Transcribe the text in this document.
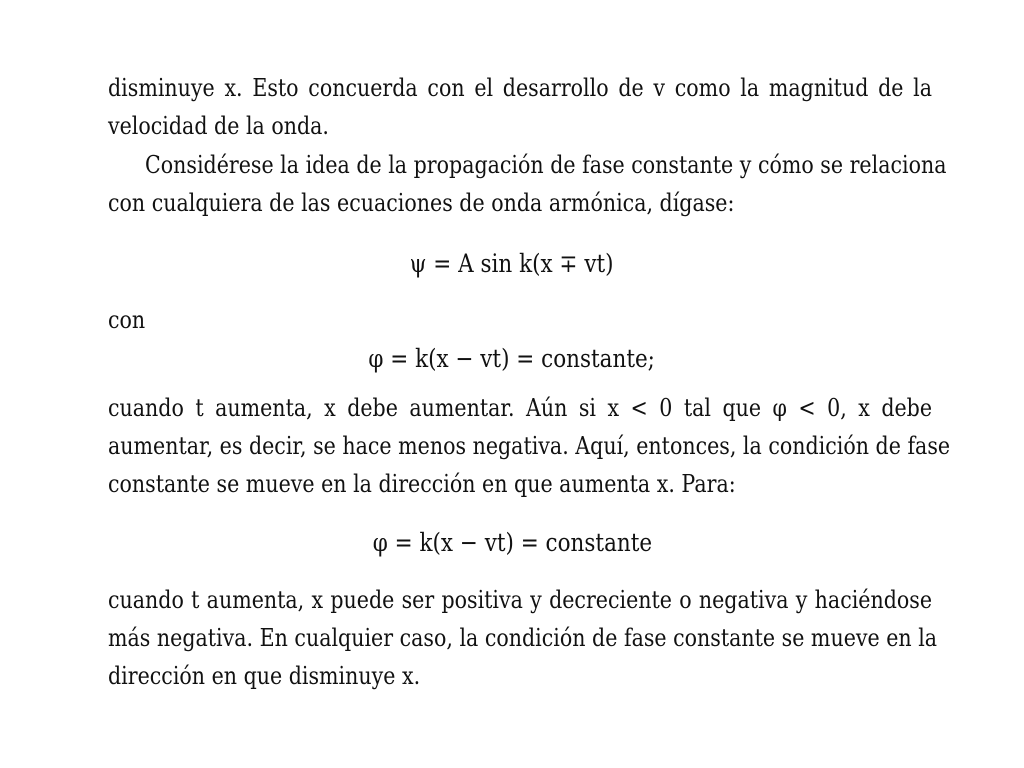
disminuye x. Esto concuerda con el desarrollo de v como la magnitud de la

velocidad de la onda.

Considérese la idea de la propagación de fase constante y cómo se relaciona

con cualquiera de las ecuaciones de onda armónica, dígase:

ψ = A sin k(x ∓ vt)

con

φ = k(x − vt) = constante;

cuando t aumenta, x debe aumentar. Aún si x < 0 tal que φ < 0, x debe

aumentar, es decir, se hace menos negativa. Aquí, entonces, la condición de fase

constante se mueve en la dirección en que aumenta x. Para:

φ = k(x − vt) = constante

cuando t aumenta, x puede ser positiva y decreciente o negativa y haciéndose

más negativa. En cualquier caso, la condición de fase constante se mueve en la

dirección en que disminuye x.
